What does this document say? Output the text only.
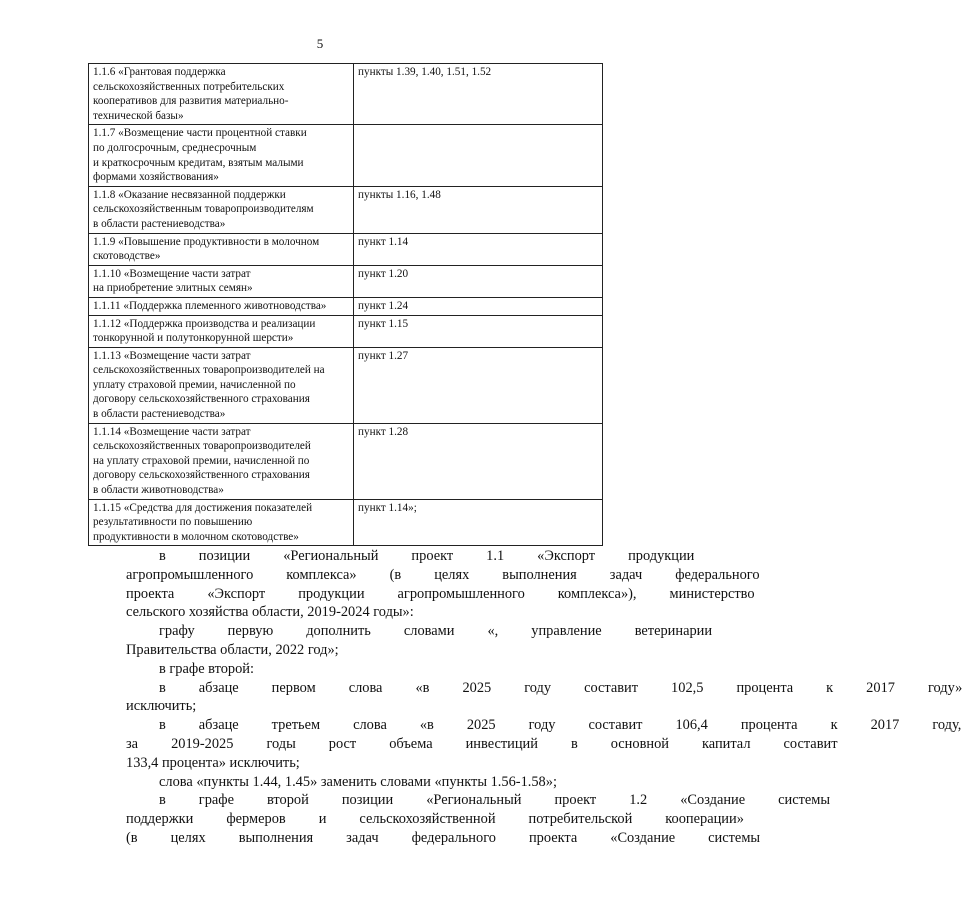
5
1.1.6 «Грантовая поддержка
сельскохозяйственных потребительских
кооперативов для развития материально-
технической базы»	пункты 1.39, 1.40, 1.51, 1.52

1.1.7 «Возмещение части процентной ставки
по долгосрочным, среднесрочным
и краткосрочным кредитам, взятым малыми
формами хозяйствования»	

1.1.8 «Оказание несвязанной поддержки
сельскохозяйственным товаропроизводителям
в области растениеводства»	пункты 1.16, 1.48

1.1.9 «Повышение продуктивности в молочном
скотоводстве»	пункт 1.14

1.1.10 «Возмещение части затрат
на приобретение элитных семян»	пункт 1.20

1.1.11 «Поддержка племенного животноводства»	пункт 1.24

1.1.12 «Поддержка производства и реализации
тонкорунной и полутонкорунной шерсти»	пункт 1.15

1.1.13 «Возмещение части затрат
сельскохозяйственных товаропроизводителей на
уплату страховой премии, начисленной по
договору сельскохозяйственного страхования
в области растениеводства»	пункт 1.27

1.1.14 «Возмещение части затрат
сельскохозяйственных товаропроизводителей
на уплату страховой премии, начисленной по
договору сельскохозяйственного страхования
в области животноводства»	пункт 1.28

1.1.15 «Средства для достижения показателей
результативности по повышению
продуктивности в молочном скотоводстве»	пункт 1.14»;
в	позиции	«Региональный	проект	1.1	«Экспорт	продукции
агропромышленного	комплекса»	(в	целях	выполнения	задач	федерального
проекта	«Экспорт	продукции	агропромышленного	комплекса»),	министерство
сельского хозяйства области, 2019-2024 годы»:
графу	первую	дополнить	словами	«,	управление	ветеринарии
Правительства области, 2022 год»;
в графе второй:
в	абзаце	первом	слова	«в	2025	году	составит	102,5	процента	к	2017	году»
исключить;
в	абзаце	третьем	слова	«в	2025	году	составит	106,4	процента	к	2017	году,
за	2019-2025	годы	рост	объема	инвестиций	в	основной	капитал	составит
133,4 процента» исключить;
слова «пункты 1.44, 1.45» заменить словами «пункты 1.56-1.58»;
в	графе	второй	позиции	«Региональный	проект	1.2	«Создание	системы
поддержки	фермеров	и	сельскохозяйственной	потребительской	кооперации»
(в	целях	выполнения	задач	федерального	проекта	«Создание	системы
